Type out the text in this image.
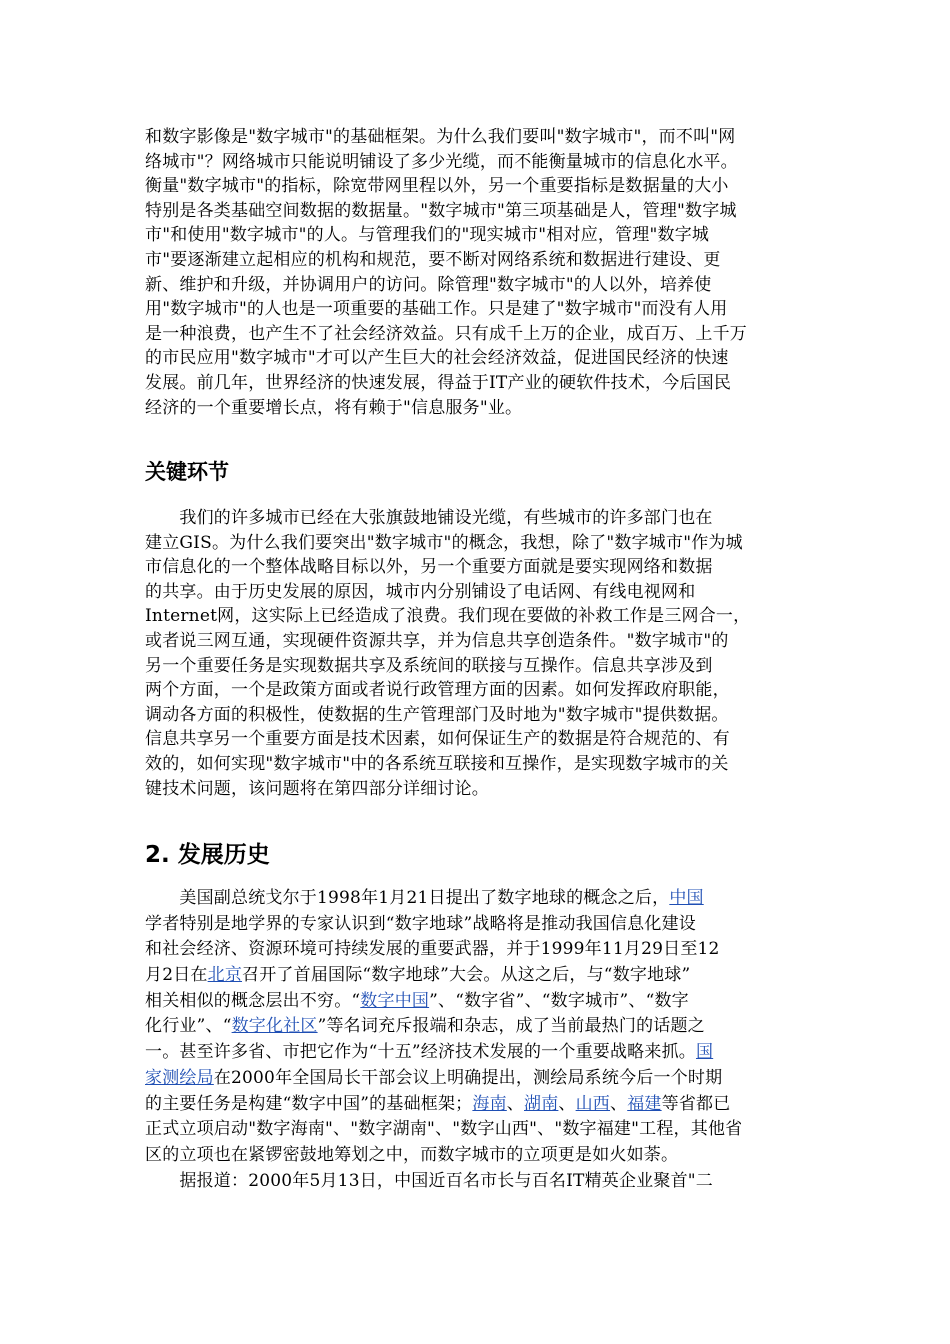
和数字影像是"数字城市"的基础框架。为什么我们要叫"数字城市"，而不叫"网
络城市"？网络城市只能说明铺设了多少光缆，而不能衡量城市的信息化水平。
衡量"数字城市"的指标，除宽带网里程以外，另一个重要指标是数据量的大小
特别是各类基础空间数据的数据量。"数字城市"第三项基础是人，管理"数字城
市"和使用"数字城市"的人。与管理我们的"现实城市"相对应，管理"数字城
市"要逐渐建立起相应的机构和规范，要不断对网络系统和数据进行建设、更
新、维护和升级，并协调用户的访问。除管理"数字城市"的人以外，培养使
用"数字城市"的人也是一项重要的基础工作。只是建了"数字城市"而没有人用
是一种浪费，也产生不了社会经济效益。只有成千上万的企业，成百万、上千万
的市民应用"数字城市"才可以产生巨大的社会经济效益，促进国民经济的快速
发展。前几年，世界经济的快速发展，得益于IT产业的硬软件技术，今后国民
经济的一个重要增长点，将有赖于"信息服务"业。
关键环节
　　我们的许多城市已经在大张旗鼓地铺设光缆，有些城市的许多部门也在
建立GIS。为什么我们要突出"数字城市"的概念，我想，除了"数字城市"作为城
市信息化的一个整体战略目标以外，另一个重要方面就是要实现网络和数据
的共享。由于历史发展的原因，城市内分别铺设了电话网、有线电视网和
Internet网，这实际上已经造成了浪费。我们现在要做的补救工作是三网合一，
或者说三网互通，实现硬件资源共享，并为信息共享创造条件。"数字城市"的
另一个重要任务是实现数据共享及系统间的联接与互操作。信息共享涉及到
两个方面，一个是政策方面或者说行政管理方面的因素。如何发挥政府职能，
调动各方面的积极性，使数据的生产管理部门及时地为"数字城市"提供数据。
信息共享另一个重要方面是技术因素，如何保证生产的数据是符合规范的、有
效的，如何实现"数字城市"中的各系统互联接和互操作，是实现数字城市的关
键技术问题，该问题将在第四部分详细讨论。
2. 发展历史
　　美国副总统戈尔于1998年1月21日提出了数字地球的概念之后，中国
学者特别是地学界的专家认识到“数字地球”战略将是推动我国信息化建设
和社会经济、资源环境可持续发展的重要武器，并于1999年11月29日至12
月2日在北京召开了首届国际“数字地球”大会。从这之后，与“数字地球”
相关相似的概念层出不穷。“数字中国”、“数字省”、“数字城市”、“数字
化行业”、“数字化社区”等名词充斥报端和杂志，成了当前最热门的话题之
一。甚至许多省、市把它作为“十五”经济技术发展的一个重要战略来抓。国
家测绘局在2000年全国局长干部会议上明确提出，测绘局系统今后一个时期
的主要任务是构建“数字中国”的基础框架；海南、湖南、山西、福建等省都已
正式立项启动"数字海南"、"数字湖南"、"数字山西"、"数字福建"工程，其他省
区的立项也在紧锣密鼓地筹划之中，而数字城市的立项更是如火如荼。
　　据报道：2000年5月13日，中国近百名市长与百名IT精英企业聚首"二
